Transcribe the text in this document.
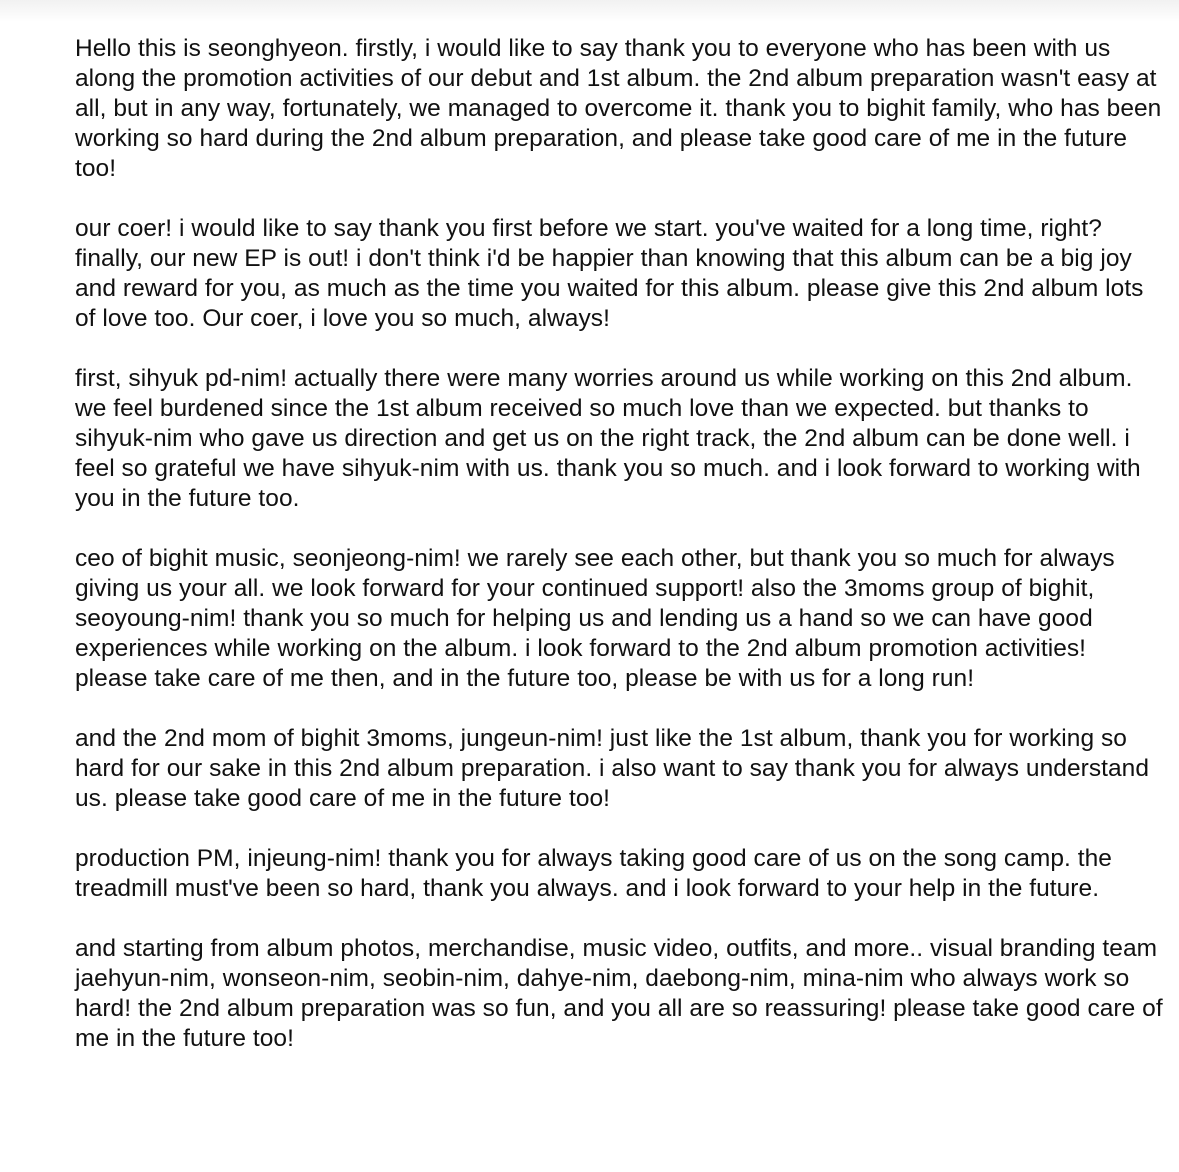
Hello this is seonghyeon. firstly, i would like to say thank you to everyone who has been with us along the promotion activities of our debut and 1st album. the 2nd album preparation wasn't easy at all, but in any way, fortunately, we managed to overcome it. thank you to bighit family, who has been working so hard during the 2nd album preparation, and please take good care of me in the future too!

our coer! i would like to say thank you first before we start. you've waited for a long time, right? finally, our new EP is out! i don't think i'd be happier than knowing that this album can be a big joy and reward for you, as much as the time you waited for this album. please give this 2nd album lots of love too. Our coer, i love you so much, always!

first, sihyuk pd-nim! actually there were many worries around us while working on this 2nd album. we feel burdened since the 1st album received so much love than we expected. but thanks to sihyuk-nim who gave us direction and get us on the right track, the 2nd album can be done well. i feel so grateful we have sihyuk-nim with us. thank you so much. and i look forward to working with you in the future too.

ceo of bighit music, seonjeong-nim! we rarely see each other, but thank you so much for always giving us your all. we look forward for your continued support! also the 3moms group of bighit, seoyoung-nim! thank you so much for helping us and lending us a hand so we can have good experiences while working on the album. i look forward to the 2nd album promotion activities! please take care of me then, and in the future too, please be with us for a long run!

and the 2nd mom of bighit 3moms, jungeun-nim! just like the 1st album, thank you for working so hard for our sake in this 2nd album preparation. i also want to say thank you for always understand us. please take good care of me in the future too!

production PM, injeung-nim! thank you for always taking good care of us on the song camp. the treadmill must've been so hard, thank you always. and i look forward to your help in the future.

and starting from album photos, merchandise, music video, outfits, and more.. visual branding team jaehyun-nim, wonseon-nim, seobin-nim, dahye-nim, daebong-nim, mina-nim who always work so hard! the 2nd album preparation was so fun, and you all are so reassuring! please take good care of me in the future too!
